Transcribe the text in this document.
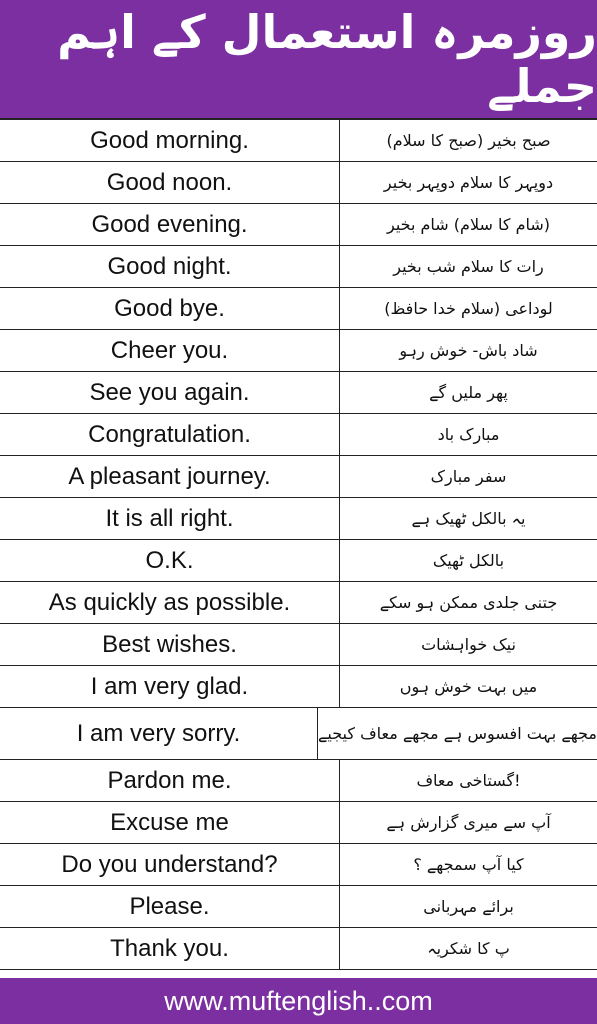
روزمرہ استعمال کے اہم جملے
Good morning.	صبح بخیر (صبح کا سلام)
Good noon.	دوپہر کا سلام دوپہر بخیر
Good evening.	(شام کا سلام) شام بخیر
Good night.	رات کا سلام شب بخیر
Good bye.	لوداعی (سلام خدا حافظ)
Cheer you.	شاد باش- خوش رہو
See you again.	پھر ملیں گے
Congratulation.	مبارک باد
A pleasant journey.	سفر مبارک
It is all right.	یہ بالکل ٹھیک ہے
O.K.	بالکل ٹھیک
As quickly as possible.	جتنی جلدی ممکن ہو سکے
Best wishes.	نیک خواہشات
I am very glad.	میں بہت خوش ہوں
I am very sorry.	مجھے بہت افسوس ہے مجھے معاف کیجیے
Pardon me.	!گستاخی معاف
Excuse me	آپ سے میری گزارش ہے
Do you understand?	کیا آپ سمجھے ؟
Please.	برائے مہربانی
Thank you.	پ کا شکریہ
www.muftenglish..com
